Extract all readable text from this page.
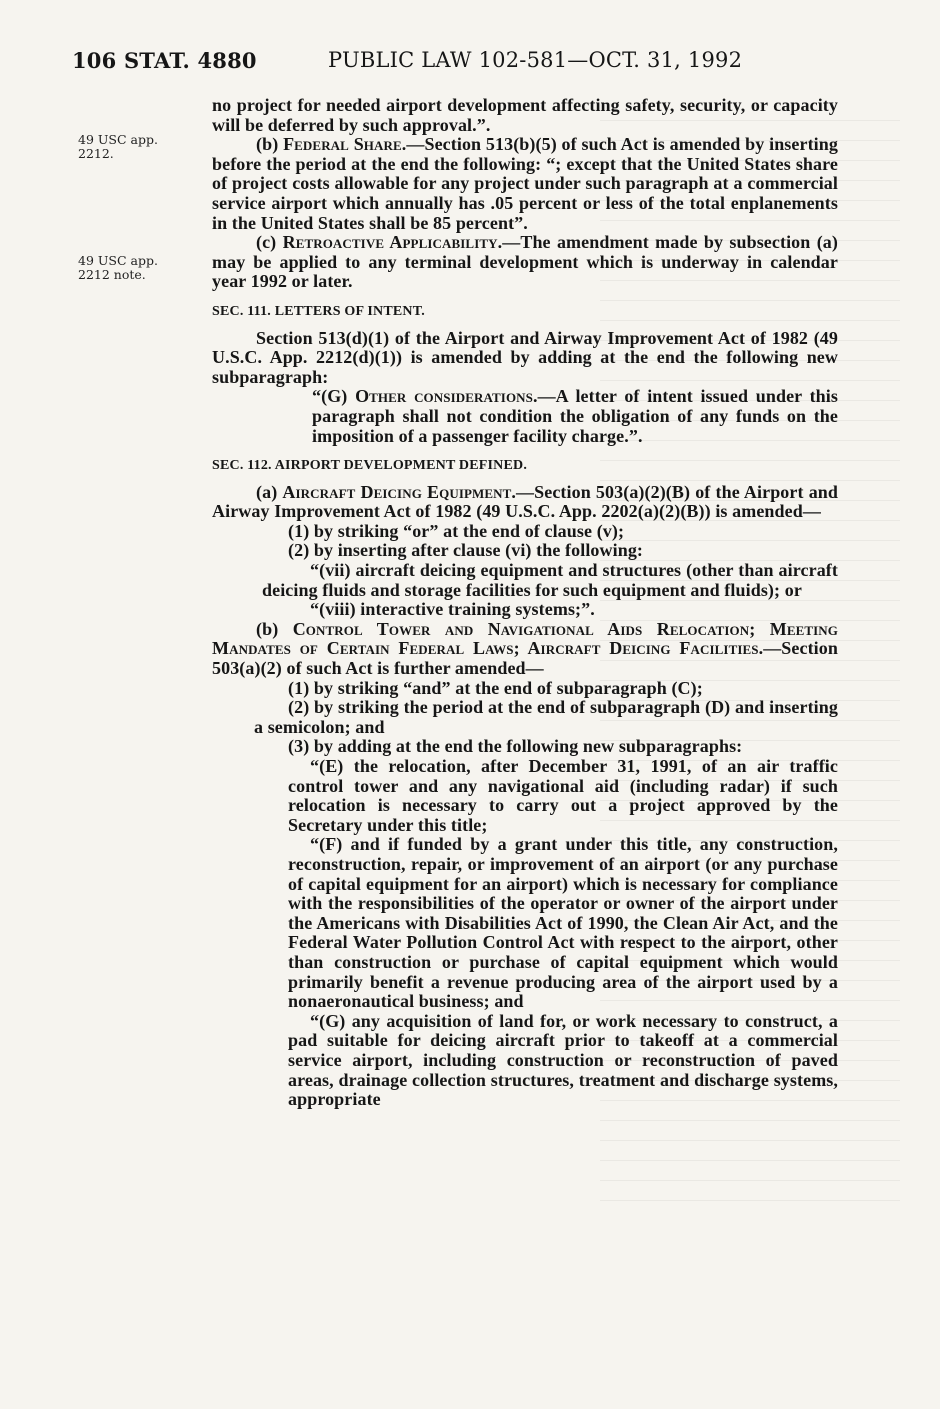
106 STAT. 4880	PUBLIC LAW 102-581—OCT. 31, 1992
49 USC app.
2212.
49 USC app.
2212 note.

no project for needed airport development affecting safety, security, or capacity will be deferred by such approval.”.

(b) Federal Share.—Section 513(b)(5) of such Act is amended by inserting before the period at the end the following: “; except that the United States share of project costs allowable for any project under such paragraph at a commercial service airport which annually has .05 percent or less of the total enplanements in the United States shall be 85 percent”.

(c) Retroactive Applicability.—The amendment made by subsection (a) may be applied to any terminal development which is underway in calendar year 1992 or later.

SEC. 111. LETTERS OF INTENT.

Section 513(d)(1) of the Airport and Airway Improvement Act of 1982 (49 U.S.C. App. 2212(d)(1)) is amended by adding at the end the following new subparagraph:

“(G) Other considerations.—A letter of intent issued under this paragraph shall not condition the obligation of any funds on the imposition of a passenger facility charge.”.

SEC. 112. AIRPORT DEVELOPMENT DEFINED.

(a) Aircraft Deicing Equipment.—Section 503(a)(2)(B) of the Airport and Airway Improvement Act of 1982 (49 U.S.C. App. 2202(a)(2)(B)) is amended—

(1) by striking “or” at the end of clause (v);

(2) by inserting after clause (vi) the following:

“(vii) aircraft deicing equipment and structures (other than aircraft deicing fluids and storage facilities for such equipment and fluids); or

“(viii) interactive training systems;”.

(b) Control Tower and Navigational Aids Relocation; Meeting Mandates of Certain Federal Laws; Aircraft Deicing Facilities.—Section 503(a)(2) of such Act is further amended—

(1) by striking “and” at the end of subparagraph (C);

(2) by striking the period at the end of subparagraph (D) and inserting a semicolon; and

(3) by adding at the end the following new subparagraphs:

“(E) the relocation, after December 31, 1991, of an air traffic control tower and any navigational aid (including radar) if such relocation is necessary to carry out a project approved by the Secretary under this title;

“(F) and if funded by a grant under this title, any construction, reconstruction, repair, or improvement of an airport (or any purchase of capital equipment for an airport) which is necessary for compliance with the responsibilities of the operator or owner of the airport under the Americans with Disabilities Act of 1990, the Clean Air Act, and the Federal Water Pollution Control Act with respect to the airport, other than construction or purchase of capital equipment which would primarily benefit a revenue producing area of the airport used by a nonaeronautical business; and

“(G) any acquisition of land for, or work necessary to construct, a pad suitable for deicing aircraft prior to takeoff at a commercial service airport, including construction or reconstruction of paved areas, drainage collection structures, treatment and discharge systems, appropriate
